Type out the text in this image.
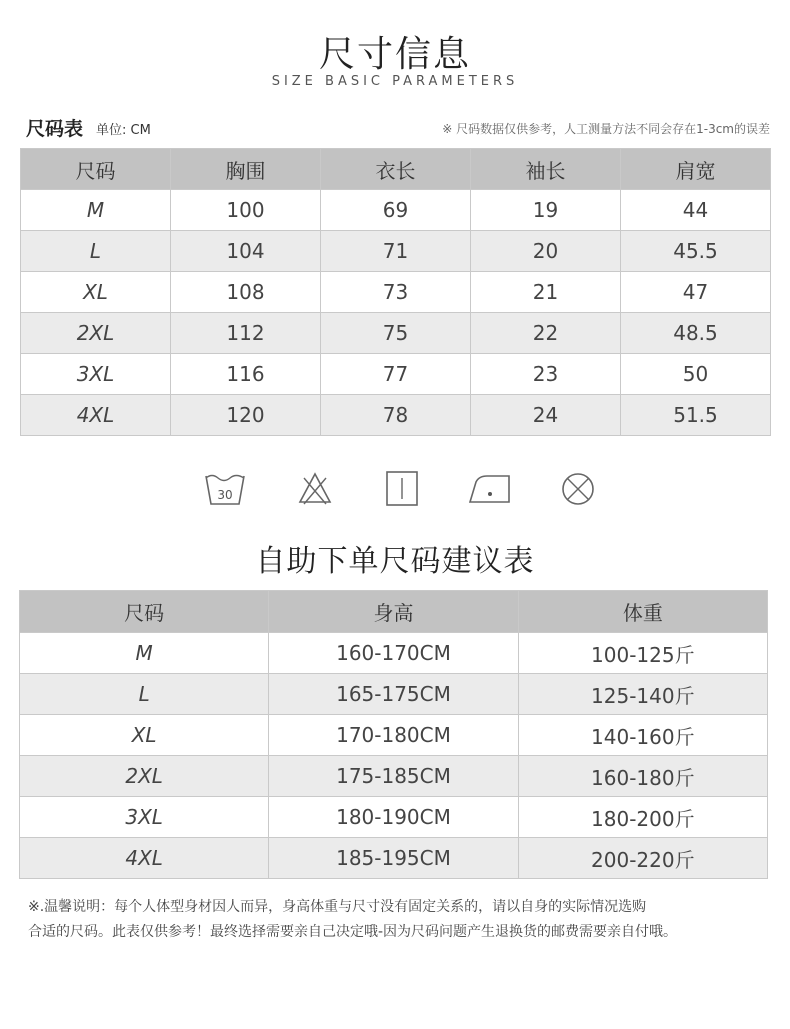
尺寸信息
SIZE BASIC PARAMETERS
尺码表 单位: CM	※ 尺码数据仅供参考，人工测量方法不同会存在1-3cm的误差
尺码	胸围	衣长	袖长	肩宽
M	100	69	19	44
L	104	71	20	45.5
XL	108	73	21	47
2XL	112	75	22	48.5
3XL	116	77	23	50
4XL	120	78	24	51.5
30
自助下单尺码建议表
尺码	身高	体重
M	160-170CM	100-125斤
L	165-175CM	125-140斤
XL	170-180CM	140-160斤
2XL	175-185CM	160-180斤
3XL	180-190CM	180-200斤
4XL	185-195CM	200-220斤
※.温馨说明：每个人体型身材因人而异，身高体重与尺寸没有固定关系的，请以自身的实际情况选购
合适的尺码。此表仅供参考！最终选择需要亲自己决定哦-因为尺码问题产生退换货的邮费需要亲自付哦。
